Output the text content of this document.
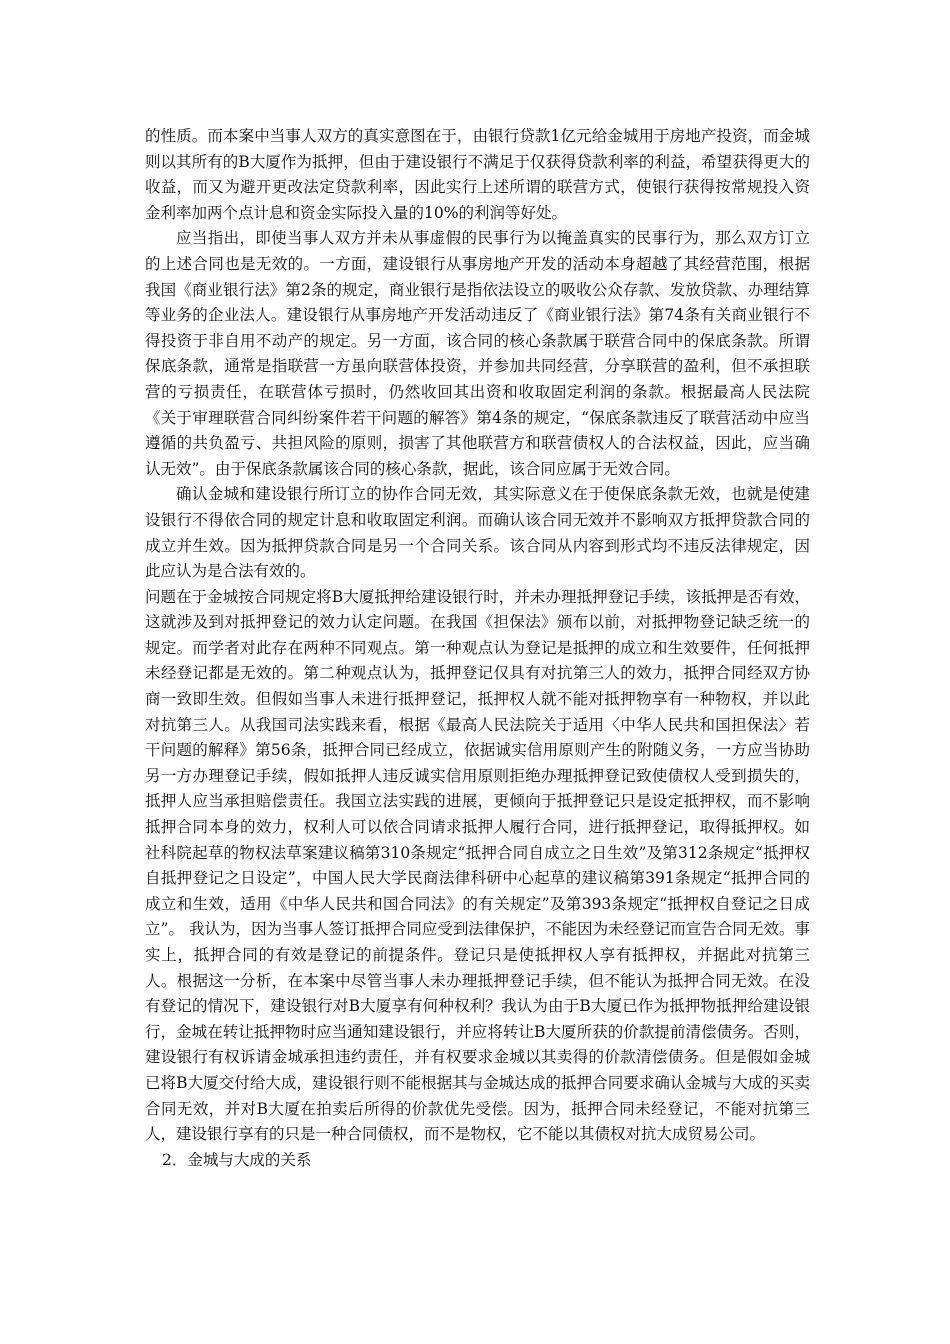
的性质。而本案中当事人双方的真实意图在于，由银行贷款1亿元给金城用于房地产投资，而金城则以其所有的B大厦作为抵押，但由于建设银行不满足于仅获得贷款利率的利益，希望获得更大的收益，而又为避开更改法定贷款利率，因此实行上述所谓的联营方式，使银行获得按常规投入资金利率加两个点计息和资金实际投入量的10%的利润等好处。

应当指出，即使当事人双方并未从事虚假的民事行为以掩盖真实的民事行为，那么双方订立的上述合同也是无效的。一方面，建设银行从事房地产开发的活动本身超越了其经营范围，根据我国《商业银行法》第2条的规定，商业银行是指依法设立的吸收公众存款、发放贷款、办理结算等业务的企业法人。建设银行从事房地产开发活动违反了《商业银行法》第74条有关商业银行不得投资于非自用不动产的规定。另一方面，该合同的核心条款属于联营合同中的保底条款。所谓保底条款，通常是指联营一方虽向联营体投资，并参加共同经营，分享联营的盈利，但不承担联营的亏损责任，在联营体亏损时，仍然收回其出资和收取固定利润的条款。根据最高人民法院《关于审理联营合同纠纷案件若干问题的解答》第4条的规定，“保底条款违反了联营活动中应当遵循的共负盈亏、共担风险的原则，损害了其他联营方和联营债权人的合法权益，因此，应当确认无效”。由于保底条款属该合同的核心条款，据此，该合同应属于无效合同。

确认金城和建设银行所订立的协作合同无效，其实际意义在于使保底条款无效，也就是使建设银行不得依合同的规定计息和收取固定利润。而确认该合同无效并不影响双方抵押贷款合同的成立并生效。因为抵押贷款合同是另一个合同关系。该合同从内容到形式均不违反法律规定，因此应认为是合法有效的。

问题在于金城按合同规定将B大厦抵押给建设银行时，并未办理抵押登记手续，该抵押是否有效，这就涉及到对抵押登记的效力认定问题。在我国《担保法》颁布以前，对抵押物登记缺乏统一的规定。而学者对此存在两种不同观点。第一种观点认为登记是抵押的成立和生效要件，任何抵押未经登记都是无效的。第二种观点认为，抵押登记仅具有对抗第三人的效力，抵押合同经双方协商一致即生效。但假如当事人未进行抵押登记，抵押权人就不能对抵押物享有一种物权，并以此对抗第三人。从我国司法实践来看，根据《最高人民法院关于适用〈中华人民共和国担保法〉若干问题的解释》第56条，抵押合同已经成立，依据诚实信用原则产生的附随义务，一方应当协助另一方办理登记手续，假如抵押人违反诚实信用原则拒绝办理抵押登记致使债权人受到损失的，抵押人应当承担赔偿责任。我国立法实践的进展，更倾向于抵押登记只是设定抵押权，而不影响抵押合同本身的效力，权利人可以依合同请求抵押人履行合同，进行抵押登记，取得抵押权。如社科院起草的物权法草案建议稿第310条规定“抵押合同自成立之日生效”及第312条规定“抵押权自抵押登记之日设定”，中国人民大学民商法律科研中心起草的建议稿第391条规定“抵押合同的成立和生效，适用《中华人民共和国合同法》的有关规定”及第393条规定“抵押权自登记之日成立”。 我认为，因为当事人签订抵押合同应受到法律保护，不能因为未经登记而宣告合同无效。事实上，抵押合同的有效是登记的前提条件。登记只是使抵押权人享有抵押权，并据此对抗第三人。根据这一分析，在本案中尽管当事人未办理抵押登记手续，但不能认为抵押合同无效。在没有登记的情况下，建设银行对B大厦享有何种权利？我认为由于B大厦已作为抵押物抵押给建设银行，金城在转让抵押物时应当通知建设银行，并应将转让B大厦所获的价款提前清偿债务。否则，建设银行有权诉请金城承担违约责任，并有权要求金城以其卖得的价款清偿债务。但是假如金城已将B大厦交付给大成，建设银行则不能根据其与金城达成的抵押合同要求确认金城与大成的买卖合同无效，并对B大厦在拍卖后所得的价款优先受偿。因为，抵押合同未经登记，不能对抗第三人，建设银行享有的只是一种合同债权，而不是物权，它不能以其债权对抗大成贸易公司。

2．金城与大成的关系
